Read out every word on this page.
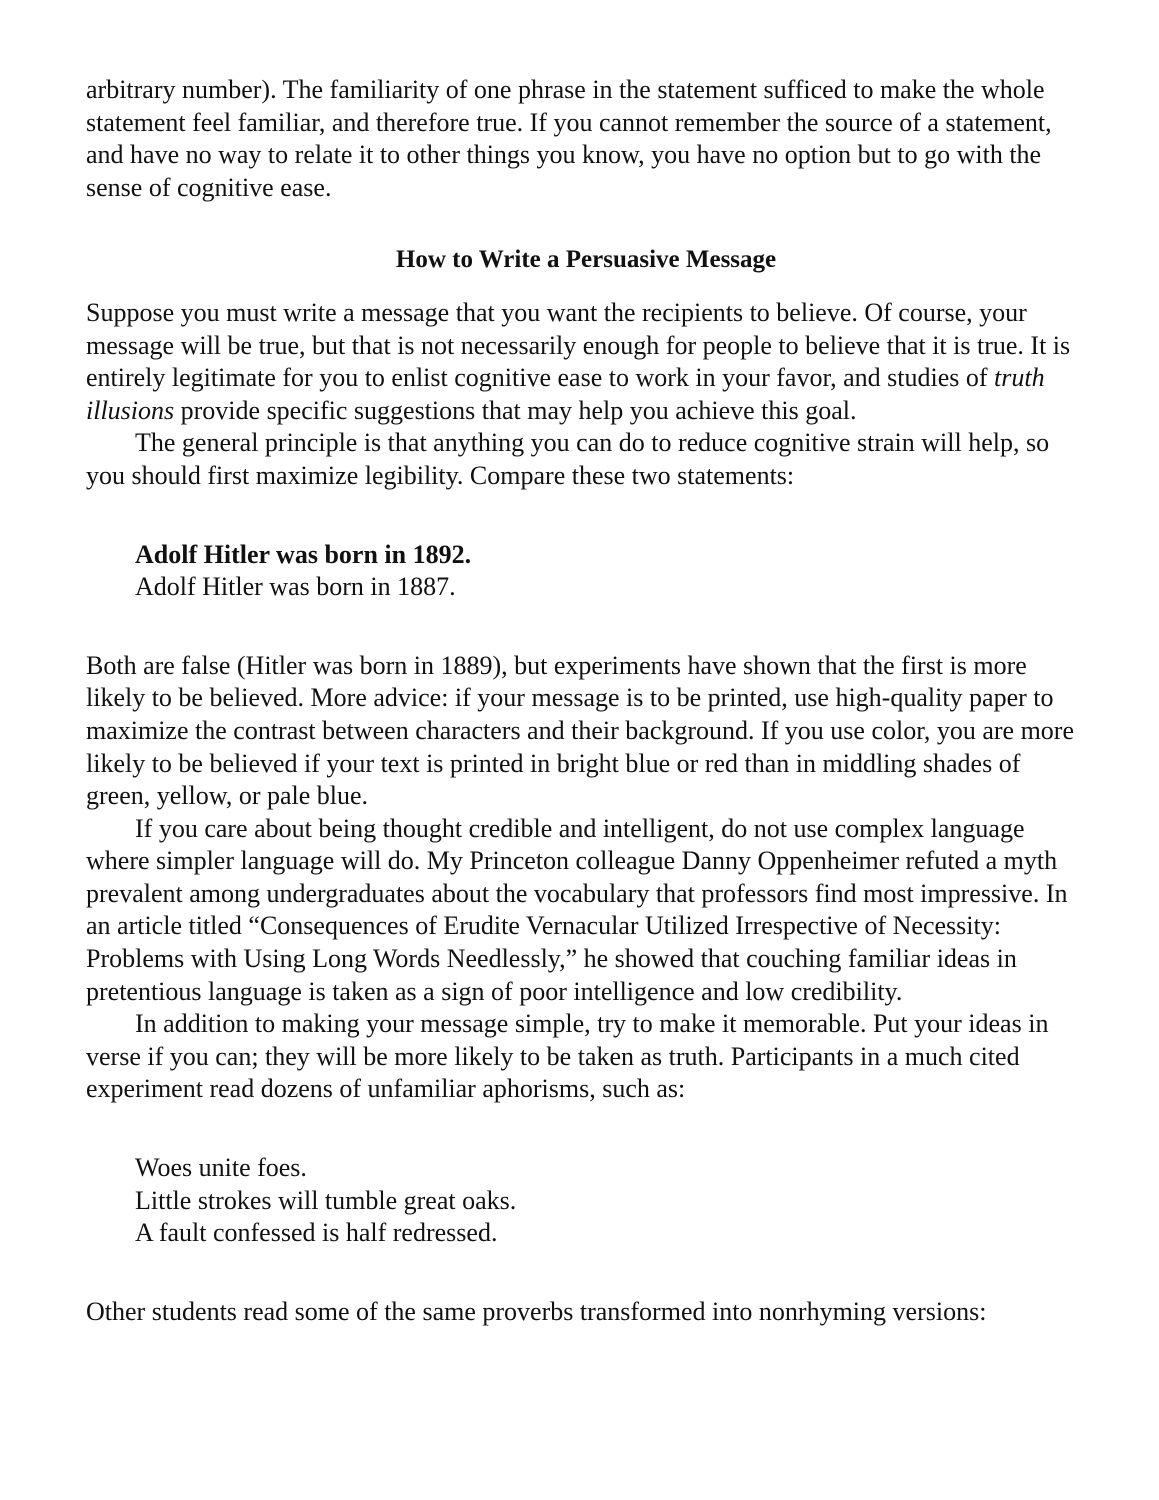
arbitrary number). The familiarity of one phrase in the statement sufficed to make the whole statement feel familiar, and therefore true. If you cannot remember the source of a statement, and have no way to relate it to other things you know, you have no option but to go with the sense of cognitive ease.

How to Write a Persuasive Message

Suppose you must write a message that you want the recipients to believe. Of course, your message will be true, but that is not necessarily enough for people to believe that it is true. It is entirely legitimate for you to enlist cognitive ease to work in your favor, and studies of truth illusions provide specific suggestions that may help you achieve this goal.

The general principle is that anything you can do to reduce cognitive strain will help, so you should first maximize legibility. Compare these two statements:

Adolf Hitler was born in 1892.
Adolf Hitler was born in 1887.

Both are false (Hitler was born in 1889), but experiments have shown that the first is more likely to be believed. More advice: if your message is to be printed, use high-quality paper to maximize the contrast between characters and their background. If you use color, you are more likely to be believed if your text is printed in bright blue or red than in middling shades of green, yellow, or pale blue.

If you care about being thought credible and intelligent, do not use complex language where simpler language will do. My Princeton colleague Danny Oppenheimer refuted a myth prevalent among undergraduates about the vocabulary that professors find most impressive. In an article titled “Consequences of Erudite Vernacular Utilized Irrespective of Necessity: Problems with Using Long Words Needlessly,” he showed that couching familiar ideas in pretentious language is taken as a sign of poor intelligence and low credibility.

In addition to making your message simple, try to make it memorable. Put your ideas in verse if you can; they will be more likely to be taken as truth. Participants in a much cited experiment read dozens of unfamiliar aphorisms, such as:

Woes unite foes.
Little strokes will tumble great oaks.
A fault confessed is half redressed.

Other students read some of the same proverbs transformed into nonrhyming versions:
